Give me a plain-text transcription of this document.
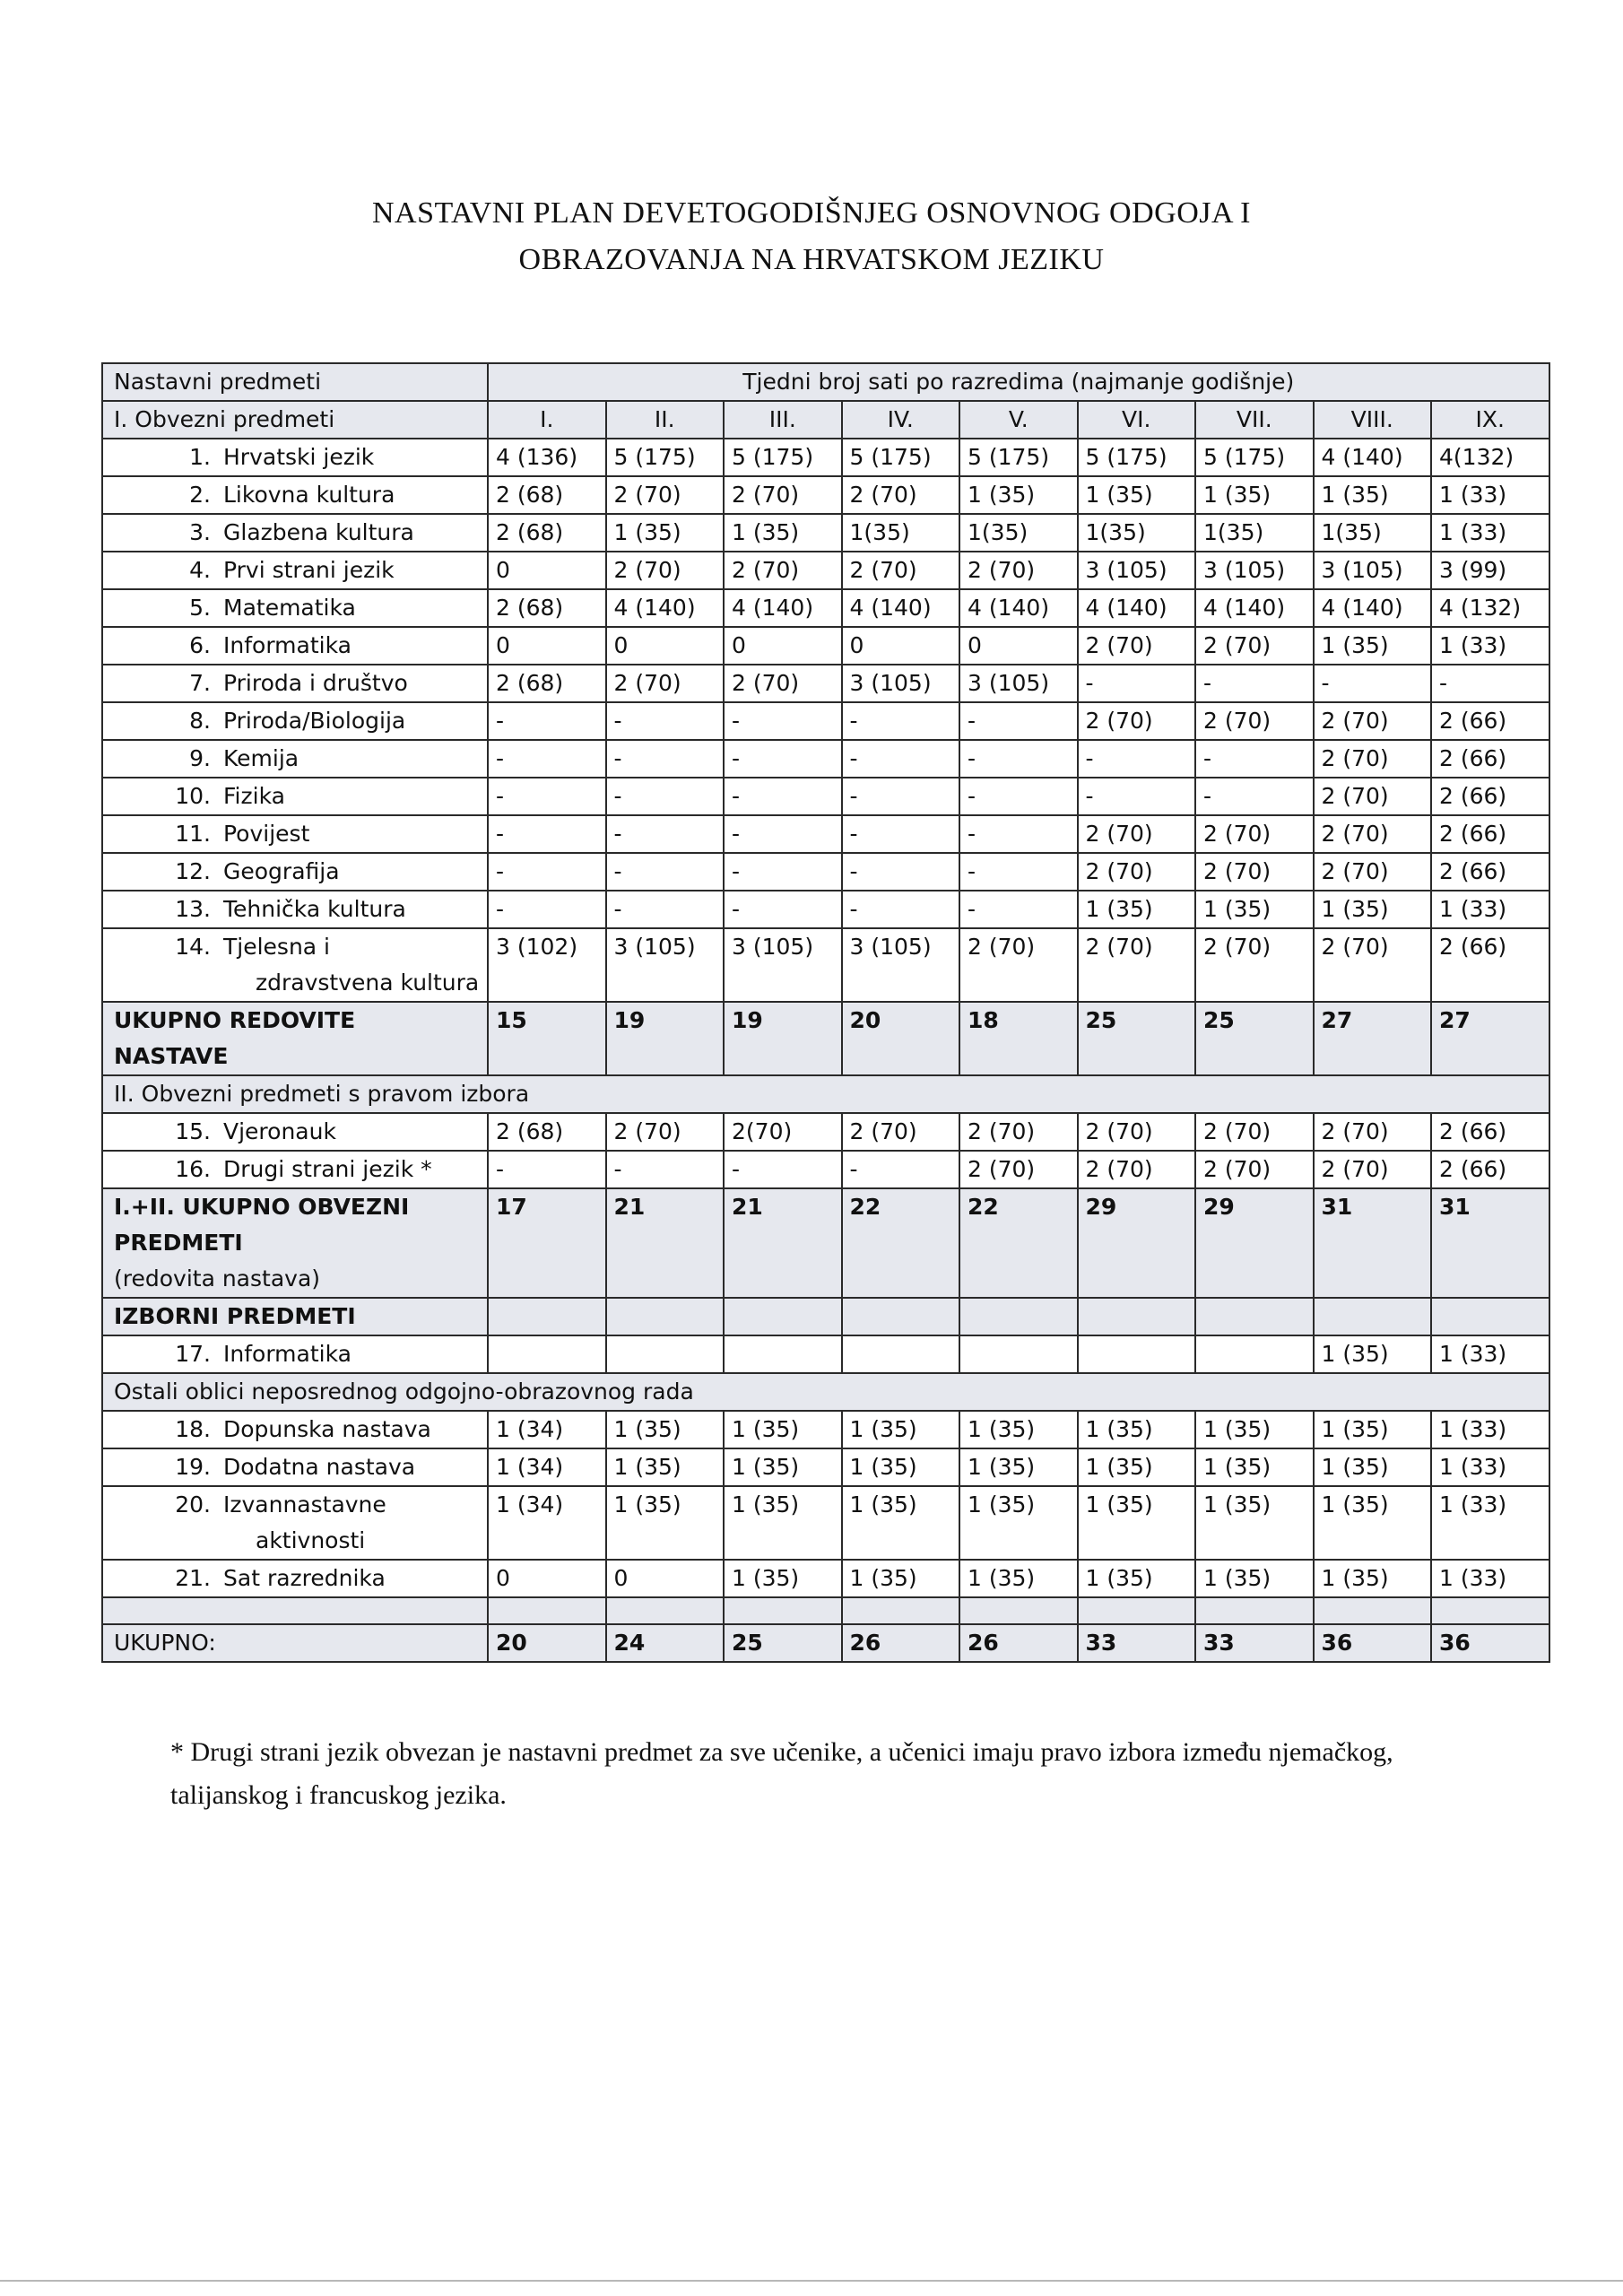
NASTAVNI PLAN DEVETOGODIŠNJEG OSNOVNOG ODGOJA I
OBRAZOVANJA NA HRVATSKOM JEZIKU
Nastavni predmeti	Tjedni broj sati po razredima (najmanje godišnje)								
I. Obvezni predmeti	I.	II.	III.	IV.	V.	VI.	VII.	VIII.	IX.
1. Hrvatski jezik	4 (136)	5 (175)	5 (175)	5 (175)	5 (175)	5 (175)	5 (175)	4 (140)	4(132)
2. Likovna kultura	2 (68)	2 (70)	2 (70)	2 (70)	1 (35)	1 (35)	1 (35)	1 (35)	1 (33)
3. Glazbena kultura	2 (68)	1 (35)	1 (35)	1(35)	1(35)	1(35)	1(35)	1(35)	1 (33)
4. Prvi strani jezik	0	2 (70)	2 (70)	2 (70)	2 (70)	3 (105)	3 (105)	3 (105)	3 (99)
5. Matematika	2 (68)	4 (140)	4 (140)	4 (140)	4 (140)	4 (140)	4 (140)	4 (140)	4 (132)
6. Informatika	0	0	0	0	0	2 (70)	2 (70)	1 (35)	1 (33)
7. Priroda i društvo	2 (68)	2 (70)	2 (70)	3 (105)	3 (105)	-	-	-	-
8. Priroda/Biologija	-	-	-	-	-	2 (70)	2 (70)	2 (70)	2 (66)
9. Kemija	-	-	-	-	-	-	-	2 (70)	2 (66)
10. Fizika	-	-	-	-	-	-	-	2 (70)	2 (66)
11. Povijest	-	-	-	-	-	2 (70)	2 (70)	2 (70)	2 (66)
12. Geografija	-	-	-	-	-	2 (70)	2 (70)	2 (70)	2 (66)
13. Tehnička kultura	-	-	-	-	-	1 (35)	1 (35)	1 (35)	1 (33)

14. Tjelesna i
zdravstvena kultura	3 (102)	3 (105)	3 (105)	3 (105)	2 (70)	2 (70)	2 (70)	2 (70)	2 (66)

UKUPNO REDOVITE
NASTAVE	15	19	19	20	18	25	25	27	27
II. Obvezni predmeti s pravom izbora									
15. Vjeronauk	2 (68)	2 (70)	2(70)	2 (70)	2 (70)	2 (70)	2 (70)	2 (70)	2 (66)
16. Drugi strani jezik *	-	-	-	-	2 (70)	2 (70)	2 (70)	2 (70)	2 (66)

I.+II. UKUPNO OBVEZNI
PREDMETI
(redovita nastava)	17	21	21	22	22	29	29	31	31
IZBORNI PREDMETI									
17. Informatika								1 (35)	1 (33)
Ostali oblici neposrednog odgojno-obrazovnog rada									
18. Dopunska nastava	1 (34)	1 (35)	1 (35)	1 (35)	1 (35)	1 (35)	1 (35)	1 (35)	1 (33)
19. Dodatna nastava	1 (34)	1 (35)	1 (35)	1 (35)	1 (35)	1 (35)	1 (35)	1 (35)	1 (33)

20. Izvannastavne
aktivnosti	1 (34)	1 (35)	1 (35)	1 (35)	1 (35)	1 (35)	1 (35)	1 (35)	1 (33)
21. Sat razrednika	0	0	1 (35)	1 (35)	1 (35)	1 (35)	1 (35)	1 (35)	1 (33)

UKUPNO:	20	24	25	26	26	33	33	36	36
* Drugi strani jezik obvezan je nastavni predmet za sve učenike, a učenici imaju pravo izbora između njemačkog, talijanskog i francuskog jezika.
